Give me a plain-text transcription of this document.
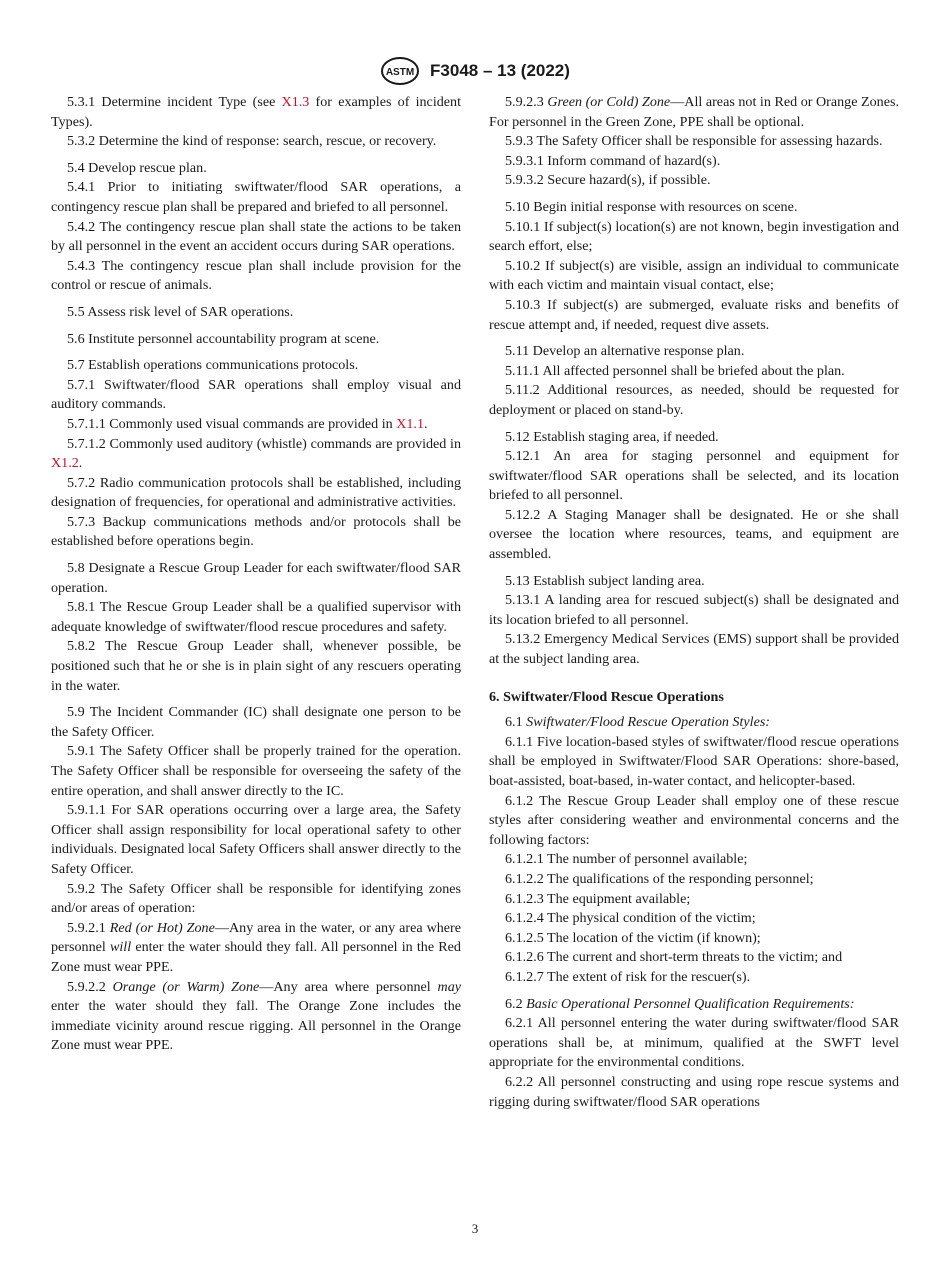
ASTM F3048 – 13 (2022)

5.3.1 Determine incident Type (see X1.3 for examples of incident Types).

5.3.2 Determine the kind of response: search, rescue, or recovery.

5.4 Develop rescue plan.

5.4.1 Prior to initiating swiftwater/flood SAR operations, a contingency rescue plan shall be prepared and briefed to all personnel.

5.4.2 The contingency rescue plan shall state the actions to be taken by all personnel in the event an accident occurs during SAR operations.

5.4.3 The contingency rescue plan shall include provision for the control or rescue of animals.

5.5 Assess risk level of SAR operations.

5.6 Institute personnel accountability program at scene.

5.7 Establish operations communications protocols.

5.7.1 Swiftwater/flood SAR operations shall employ visual and auditory commands.

5.7.1.1 Commonly used visual commands are provided in X1.1.

5.7.1.2 Commonly used auditory (whistle) commands are provided in X1.2.

5.7.2 Radio communication protocols shall be established, including designation of frequencies, for operational and administrative activities.

5.7.3 Backup communications methods and/or protocols shall be established before operations begin.

5.8 Designate a Rescue Group Leader for each swiftwater/flood SAR operation.

5.8.1 The Rescue Group Leader shall be a qualified supervisor with adequate knowledge of swiftwater/flood rescue procedures and safety.

5.8.2 The Rescue Group Leader shall, whenever possible, be positioned such that he or she is in plain sight of any rescuers operating in the water.

5.9 The Incident Commander (IC) shall designate one person to be the Safety Officer.

5.9.1 The Safety Officer shall be properly trained for the operation. The Safety Officer shall be responsible for overseeing the safety of the entire operation, and shall answer directly to the IC.

5.9.1.1 For SAR operations occurring over a large area, the Safety Officer shall assign responsibility for local operational safety to other individuals. Designated local Safety Officers shall answer directly to the Safety Officer.

5.9.2 The Safety Officer shall be responsible for identifying zones and/or areas of operation:

5.9.2.1 Red (or Hot) Zone—Any area in the water, or any area where personnel will enter the water should they fall. All personnel in the Red Zone must wear PPE.

5.9.2.2 Orange (or Warm) Zone—Any area where personnel may enter the water should they fall. The Orange Zone includes the immediate vicinity around rescue rigging. All personnel in the Orange Zone must wear PPE.

5.9.2.3 Green (or Cold) Zone—All areas not in Red or Orange Zones. For personnel in the Green Zone, PPE shall be optional.

5.9.3 The Safety Officer shall be responsible for assessing hazards.

5.9.3.1 Inform command of hazard(s).

5.9.3.2 Secure hazard(s), if possible.

5.10 Begin initial response with resources on scene.

5.10.1 If subject(s) location(s) are not known, begin investigation and search effort, else;

5.10.2 If subject(s) are visible, assign an individual to communicate with each victim and maintain visual contact, else;

5.10.3 If subject(s) are submerged, evaluate risks and benefits of rescue attempt and, if needed, request dive assets.

5.11 Develop an alternative response plan.

5.11.1 All affected personnel shall be briefed about the plan.

5.11.2 Additional resources, as needed, should be requested for deployment or placed on stand-by.

5.12 Establish staging area, if needed.

5.12.1 An area for staging personnel and equipment for swiftwater/flood SAR operations shall be selected, and its location briefed to all personnel.

5.12.2 A Staging Manager shall be designated. He or she shall oversee the location where resources, teams, and equipment are assembled.

5.13 Establish subject landing area.

5.13.1 A landing area for rescued subject(s) shall be designated and its location briefed to all personnel.

5.13.2 Emergency Medical Services (EMS) support shall be provided at the subject landing area.

6. Swiftwater/Flood Rescue Operations

6.1 Swiftwater/Flood Rescue Operation Styles:

6.1.1 Five location-based styles of swiftwater/flood rescue operations shall be employed in Swiftwater/Flood SAR Operations: shore-based, boat-assisted, boat-based, in-water contact, and helicopter-based.

6.1.2 The Rescue Group Leader shall employ one of these rescue styles after considering weather and environmental concerns and the following factors:

6.1.2.1 The number of personnel available;

6.1.2.2 The qualifications of the responding personnel;

6.1.2.3 The equipment available;

6.1.2.4 The physical condition of the victim;

6.1.2.5 The location of the victim (if known);

6.1.2.6 The current and short-term threats to the victim; and

6.1.2.7 The extent of risk for the rescuer(s).

6.2 Basic Operational Personnel Qualification Requirements:

6.2.1 All personnel entering the water during swiftwater/flood SAR operations shall be, at minimum, qualified at the SWFT level appropriate for the environmental conditions.

6.2.2 All personnel constructing and using rope rescue systems and rigging during swiftwater/flood SAR operations

3
